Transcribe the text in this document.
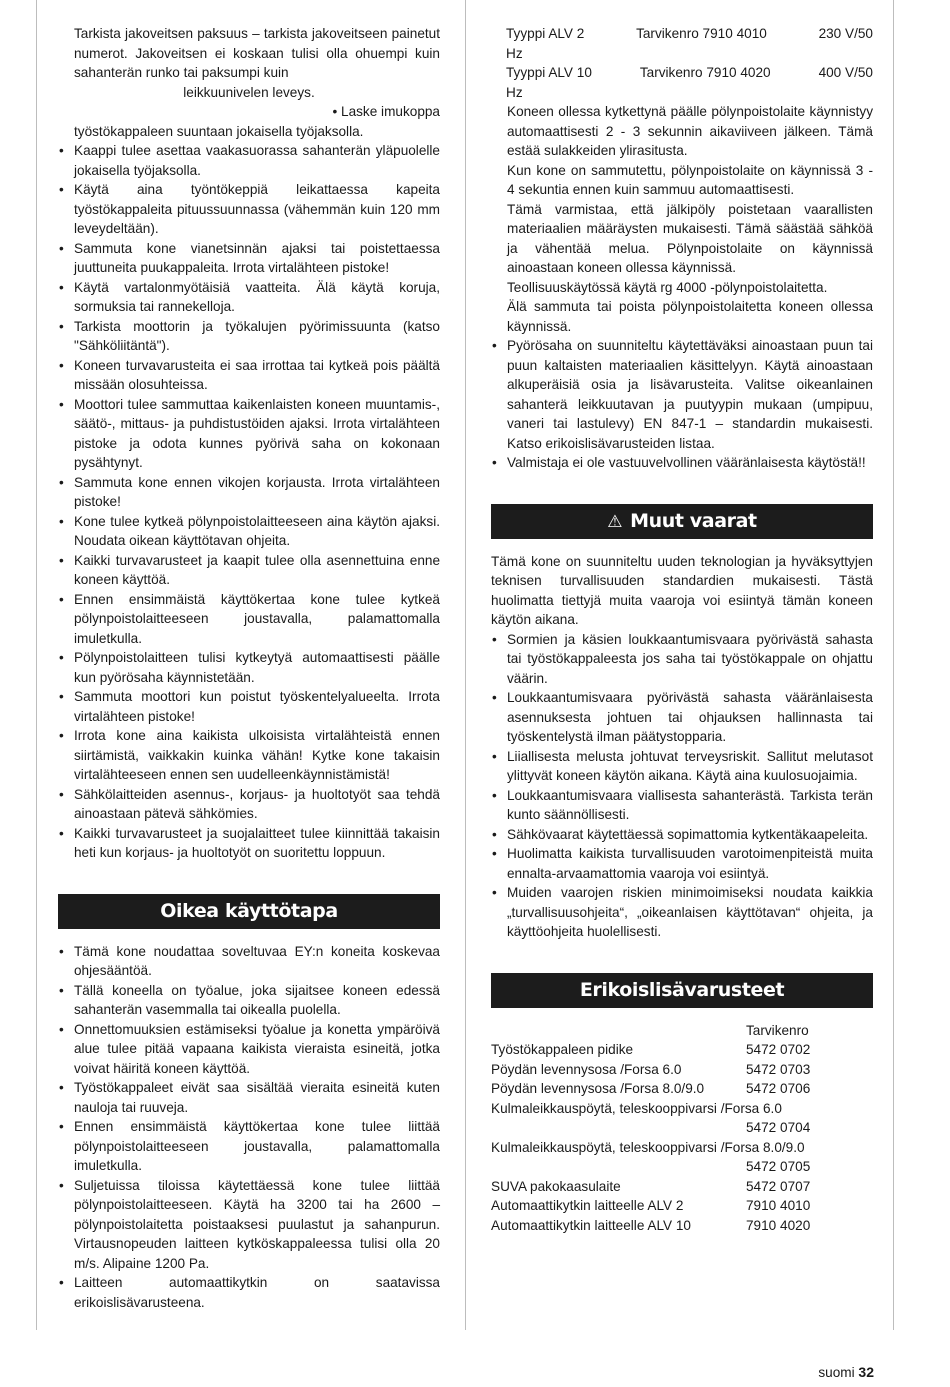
Tarkista jakoveitsen paksuus – tarkista jakoveitseen painetut numerot. Jakoveitsen ei koskaan tulisi olla ohuempi kuin sahanterän runko tai paksumpi kuin

leikkuunivelen leveys.

• Laske imukoppa

työstökappaleen suuntaan jokaisella työjaksolla.

• Kaappi tulee asettaa vaakasuorassa sahanterän yläpuolelle jokaisella työjaksolla.
• Käytä aina työntökeppiä leikattaessa kapeita työstökappaleita pituussuunnassa (vähemmän kuin 120 mm leveydeltään).
• Sammuta kone vianetsinnän ajaksi tai poistettaessa juuttuneita puukappaleita. Irrota virtalähteen pistoke!
• Käytä vartalonmyötäisiä vaatteita. Älä käytä koruja, sormuksia tai rannekelloja.
• Tarkista moottorin ja työkalujen pyörimissuunta (katso "Sähköliitäntä").
• Koneen turvavarusteita ei saa irrottaa tai kytkeä pois päältä missään olosuhteissa.
• Moottori tulee sammuttaa kaikenlaisten koneen muuntamis-, säätö-, mittaus- ja puhdistustöiden ajaksi. Irrota virtalähteen pistoke ja odota kunnes pyörivä saha on kokonaan pysähtynyt.
• Sammuta kone ennen vikojen korjausta. Irrota virtalähteen pistoke!
• Kone tulee kytkeä pölynpoistolaitteeseen aina käytön ajaksi. Noudata oikean käyttötavan ohjeita.
• Kaikki turvavarusteet ja kaapit tulee olla asennettuina enne koneen käyttöä.
• Ennen ensimmäistä käyttökertaa kone tulee kytkeä pölynpoistolaitteeseen joustavalla, palamattomalla imuletkulla.
• Pölynpoistolaitteen tulisi kytkeytyä automaattisesti päälle kun pyörösaha käynnistetään.
• Sammuta moottori kun poistut työskentelyalueelta. Irrota virtalähteen pistoke!
• Irrota kone aina kaikista ulkoisista virtalähteistä ennen siirtämistä, vaikkakin kuinka vähän! Kytke kone takaisin virtalähteeseen ennen sen uudelleenkäynnistämistä!
• Sähkölaitteiden asennus-, korjaus- ja huoltotyöt saa tehdä ainoastaan pätevä sähkömies.
• Kaikki turvavarusteet ja suojalaitteet tulee kiinnittää takaisin heti kun korjaus- ja huoltotyöt on suoritettu loppuun.
Oikea käyttötapa
• Tämä kone noudattaa soveltuvaa EY:n koneita koskevaa ohjesääntöä.
• Tällä koneella on työalue, joka sijaitsee koneen edessä sahanterän vasemmalla tai oikealla puolella.
• Onnettomuuksien estämiseksi työalue ja konetta ympäröivä alue tulee pitää vapaana kaikista vieraista esineitä, jotka voivat häiritä koneen käyttöä.
• Työstökappaleet eivät saa sisältää vieraita esineitä kuten nauloja tai ruuveja.
• Ennen ensimmäistä käyttökertaa kone tulee liittää pölynpoistolaitteeseen joustavalla, palamattomalla imuletkulla.
• Suljetuissa tiloissa käytettäessä kone tulee liittää pölynpoistolaitteeseen. Käytä ha 3200 tai ha 2600 –pölynpoistolaitetta poistaaksesi puulastut ja sahanpurun. Virtausnopeuden laitteen kytköskappaleessa tulisi olla 20 m/s. Alipaine 1200 Pa.
• Laitteen automaattikytkin on saatavissa erikoislisävarusteena.
Tyyppi ALV 2	Tarvikenro 7910 4010	230 V/50
Hz
Tyyppi ALV 10	Tarvikenro 7910 4020	400 V/50
Hz

Koneen ollessa kytkettynä päälle pölynpoistolaite käynnistyy automaattisesti 2 - 3 sekunnin aikaviiveen jälkeen. Tämä estää sulakkeiden ylirasitusta.

Kun kone on sammutettu, pölynpoistolaite on käynnissä 3 - 4 sekuntia ennen kuin sammuu automaattisesti.

Tämä varmistaa, että jälkipöly poistetaan vaarallisten materiaalien määräysten mukaisesti. Tämä säästää sähköä ja vähentää melua. Pölynpoistolaite on käynnissä ainoastaan koneen ollessa käynnissä.

Teollisuuskäytössä käytä rg 4000 -pölynpoistolaitetta.

Älä sammuta tai poista pölynpoistolaitetta koneen ollessa käynnissä.

• Pyörösaha on suunniteltu käytettäväksi ainoastaan puun tai puun kaltaisten materiaalien käsittelyyn. Käytä ainoastaan alkuperäisiä osia ja lisävarusteita. Valitse oikeanlainen sahanterä leikkuutavan ja puutyypin mukaan (umpipuu, vaneri tai lastulevy) EN 847-1 – standardin mukaisesti. Katso erikoislisävarusteiden listaa.
• Valmistaja ei ole vastuuvelvollinen vääränlaisesta käytöstä!!
⚠ Muut vaarat

Tämä kone on suunniteltu uuden teknologian ja hyväksyttyjen teknisen turvallisuuden standardien mukaisesti. Tästä huolimatta tiettyjä muita vaaroja voi esiintyä tämän koneen käytön aikana.

• Sormien ja käsien loukkaantumisvaara pyörivästä sahasta tai työstökappaleesta jos saha tai työstökappale on ohjattu väärin.
• Loukkaantumisvaara pyörivästä sahasta vääränlaisesta asennuksesta johtuen tai ohjauksen hallinnasta tai työskentelystä ilman päätystopparia.
• Liiallisesta melusta johtuvat terveysriskit. Sallitut melutasot ylittyvät koneen käytön aikana. Käytä aina kuulosuojaimia.
• Loukkaantumisvaara viallisesta sahanterästä. Tarkista terän kunto säännöllisesti.
• Sähkövaarat käytettäessä sopimattomia kytkentäkaapeleita.
• Huolimatta kaikista turvallisuuden varotoimenpiteistä muita ennalta-arvaamattomia vaaroja voi esiintyä.
• Muiden vaarojen riskien minimoimiseksi noudata kaikkia „turvallisuusohjeita“, „oikeanlaisen käyttötavan“ ohjeita, ja käyttöohjeita huolellisesti.
Erikoislisävarusteet
Tarvikenro
Työstökappaleen pidike	5472 0702
Pöydän levennysosa /Forsa 6.0	5472 0703
Pöydän levennysosa /Forsa 8.0/9.0	5472 0706
Kulmaleikkauspöytä, teleskooppivarsi /Forsa 6.0
5472 0704
Kulmaleikkauspöytä, teleskooppivarsi /Forsa 8.0/9.0
5472 0705
SUVA pakokaasulaite	5472 0707
Automaattikytkin laitteelle ALV 2	7910 4010
Automaattikytkin laitteelle ALV 10	7910 4020
suomi 32
